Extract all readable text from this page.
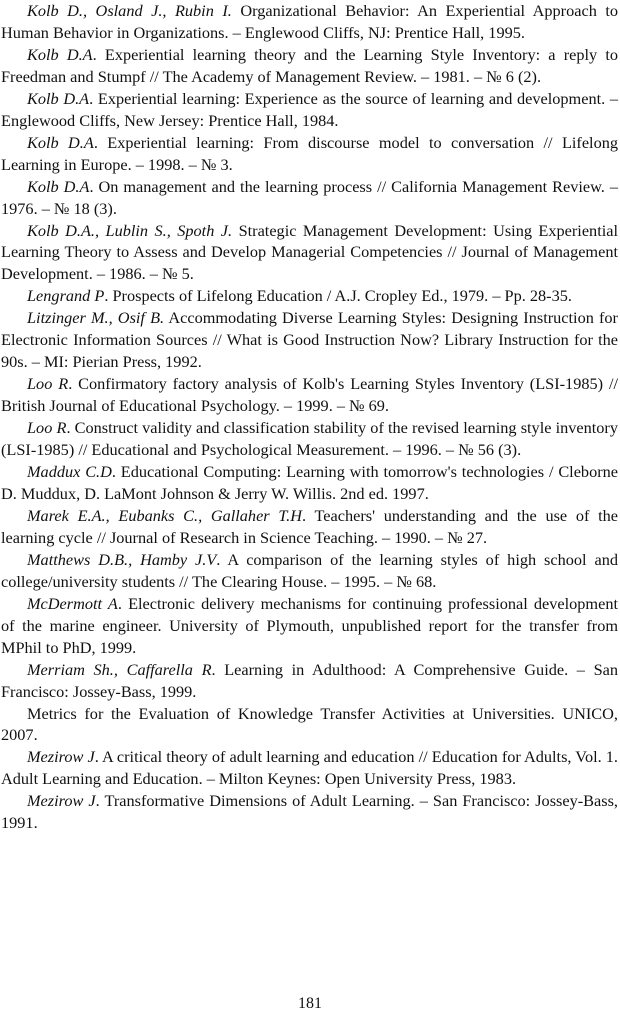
Kolb D., Osland J., Rubin I. Organizational Behavior: An Experiential Approach to Human Behavior in Organizations. – Englewood Cliffs, NJ: Prentice Hall, 1995.

Kolb D.A. Experiential learning theory and the Learning Style Inventory: a reply to Freedman and Stumpf // The Academy of Management Review. – 1981. – № 6 (2).

Kolb D.A. Experiential learning: Experience as the source of learning and development. – Englewood Cliffs, New Jersey: Prentice Hall, 1984.

Kolb D.A. Experiential learning: From discourse model to conversation // Lifelong Learning in Europe. – 1998. – № 3.

Kolb D.A. On management and the learning process // California Management Review. – 1976. – № 18 (3).

Kolb D.A., Lublin S., Spoth J. Strategic Management Development: Using Experiential Learning Theory to Assess and Develop Managerial Competencies // Journal of Management Development. – 1986. – № 5.

Lengrand P. Prospects of Lifelong Education / A.J. Cropley Ed., 1979. – Pp. 28-35.

Litzinger M., Osif B. Accommodating Diverse Learning Styles: Designing Instruction for Electronic Information Sources // What is Good Instruction Now? Library Instruction for the 90s. – MI: Pierian Press, 1992.

Loo R. Confirmatory factory analysis of Kolb's Learning Styles Inventory (LSI-1985) // British Journal of Educational Psychology. – 1999. – № 69.

Loo R. Construct validity and classification stability of the revised learning style inventory (LSI-1985) // Educational and Psychological Measurement. – 1996. – № 56 (3).

Maddux C.D. Educational Computing: Learning with tomorrow's technologies / Cleborne D. Muddux, D. LaMont Johnson & Jerry W. Willis. 2nd ed. 1997.

Marek E.A., Eubanks C., Gallaher T.H. Teachers' understanding and the use of the learning cycle // Journal of Research in Science Teaching. – 1990. – № 27.

Matthews D.B., Hamby J.V. A comparison of the learning styles of high school and college/university students // The Clearing House. – 1995. – № 68.

McDermott A. Electronic delivery mechanisms for continuing professional development of the marine engineer. University of Plymouth, unpublished report for the transfer from MPhil to PhD, 1999.

Merriam Sh., Caffarella R. Learning in Adulthood: A Comprehensive Guide. – San Francisco: Jossey-Bass, 1999.

Metrics for the Evaluation of Knowledge Transfer Activities at Universities. UNICO, 2007.

Mezirow J. A critical theory of adult learning and education // Education for Adults, Vol. 1. Adult Learning and Education. – Milton Keynes: Open University Press, 1983.

Mezirow J. Transformative Dimensions of Adult Learning. – San Francisco: Jossey-Bass, 1991.

181
